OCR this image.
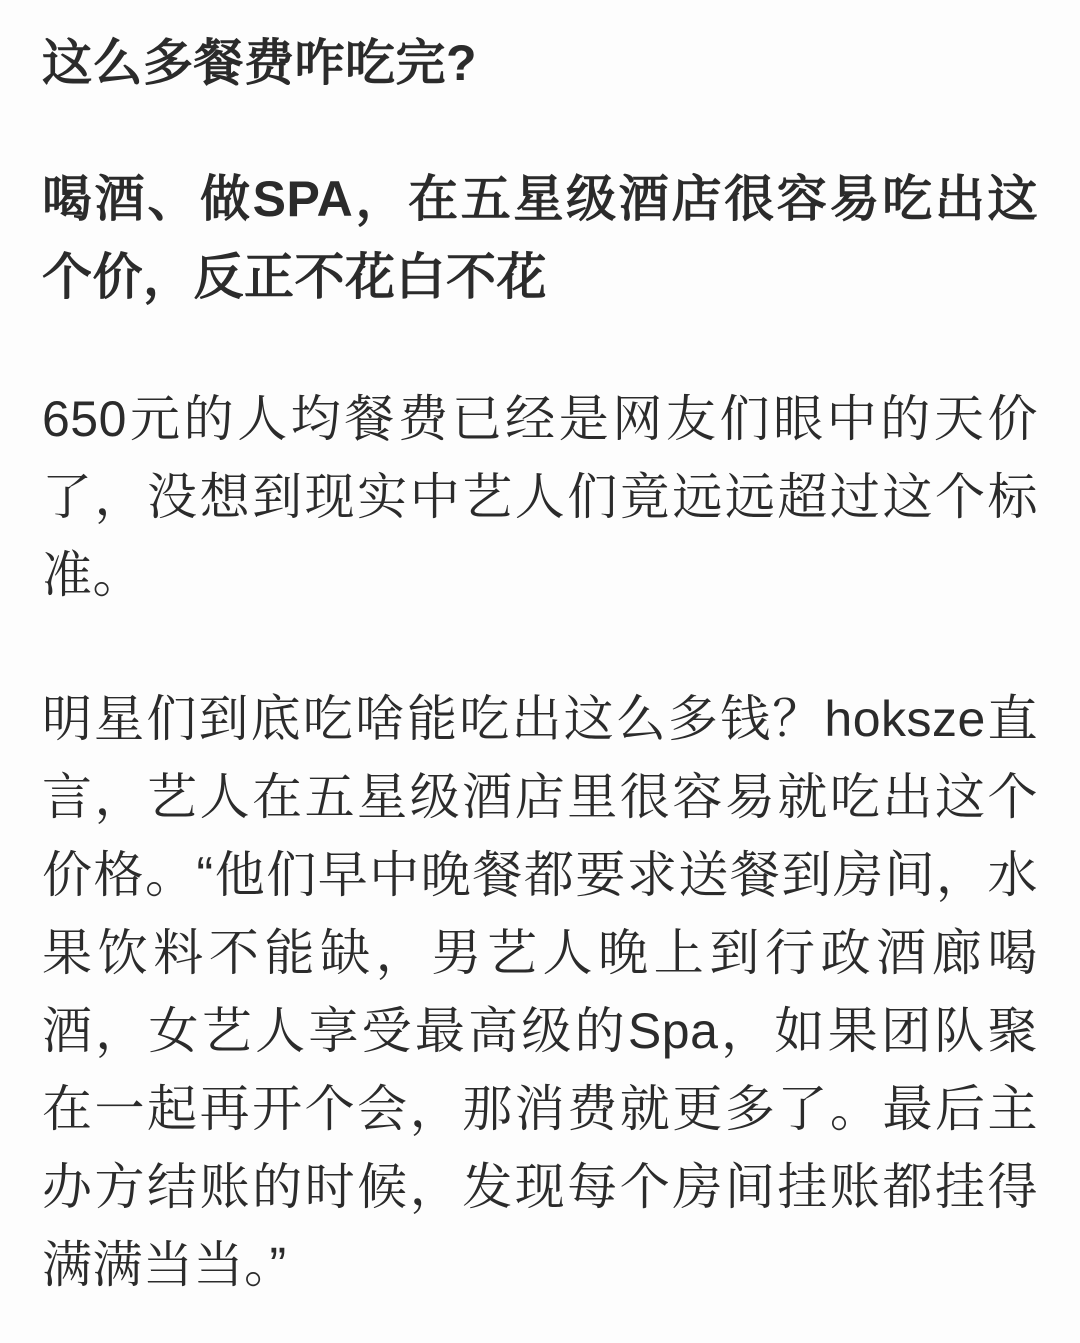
这么多餐费咋吃完?
喝酒、做SPA，在五星级酒店很容易吃出这个价，反正不花白不花

650元的人均餐费已经是网友们眼中的天价了，没想到现实中艺人们竟远远超过这个标准。

明星们到底吃啥能吃出这么多钱？hoksze直言，艺人在五星级酒店里很容易就吃出这个价格。“他们早中晚餐都要求送餐到房间，水果饮料不能缺，男艺人晚上到行政酒廊喝酒，女艺人享受最高级的Spa，如果团队聚在一起再开个会，那消费就更多了。最后主办方结账的时候，发现每个房间挂账都挂得满满当当。”
